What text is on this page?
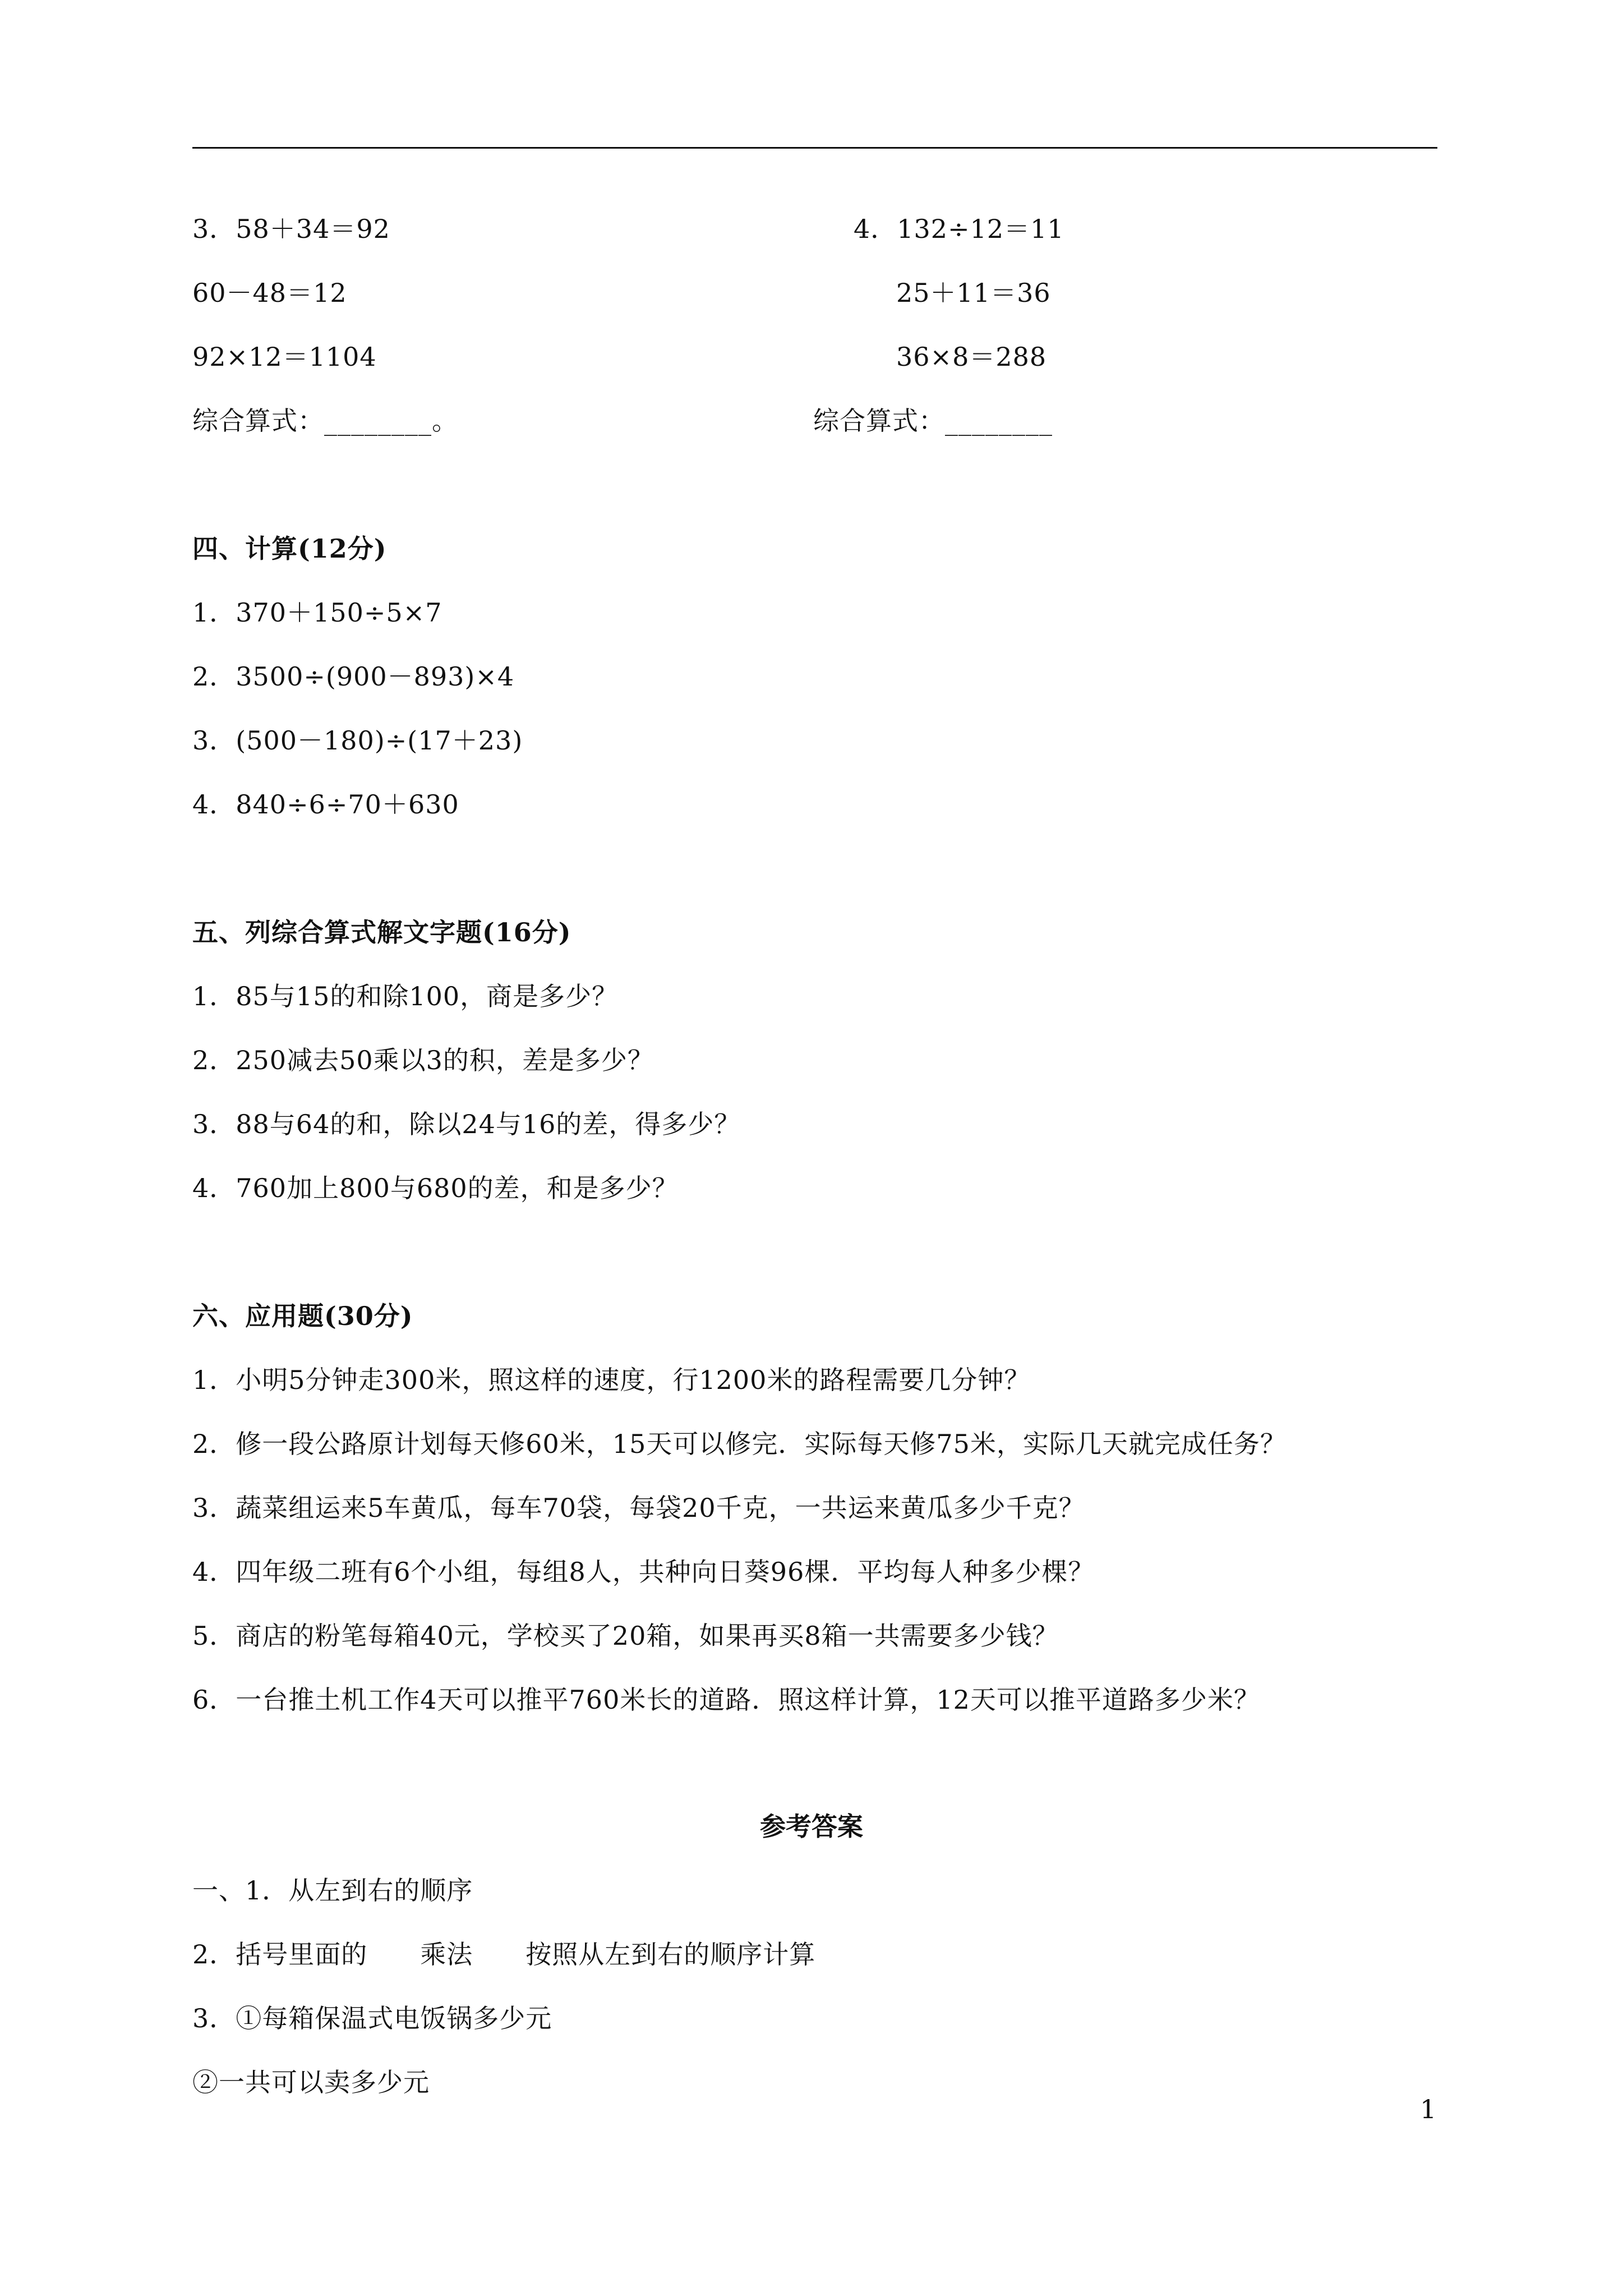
3．58＋34＝92
60－48＝12
92×12＝1104
综合算式：________。
4．132÷12＝11
25＋11＝36
36×8＝288
综合算式：________
四、计算(12分)
1．370＋150÷5×7
2．3500÷(900－893)×4
3．(500－180)÷(17＋23)
4．840÷6÷70＋630
五、列综合算式解文字题(16分)
1．85与15的和除100，商是多少？
2．250减去50乘以3的积，差是多少？
3．88与64的和，除以24与16的差，得多少？
4．760加上800与680的差，和是多少？
六、应用题(30分)
1．小明5分钟走300米，照这样的速度，行1200米的路程需要几分钟？
2．修一段公路原计划每天修60米，15天可以修完．实际每天修75米，实际几天就完成任务？
3．蔬菜组运来5车黄瓜，每车70袋，每袋20千克，一共运来黄瓜多少千克？
4．四年级二班有6个小组，每组8人，共种向日葵96棵．平均每人种多少棵？
5．商店的粉笔每箱40元，学校买了20箱，如果再买8箱一共需要多少钱？
6．一台推土机工作4天可以推平760米长的道路．照这样计算，12天可以推平道路多少米？
参考答案
一、1．从左到右的顺序
2．括号里面的　　乘法　　按照从左到右的顺序计算
3．①每箱保温式电饭锅多少元
②一共可以卖多少元
1
